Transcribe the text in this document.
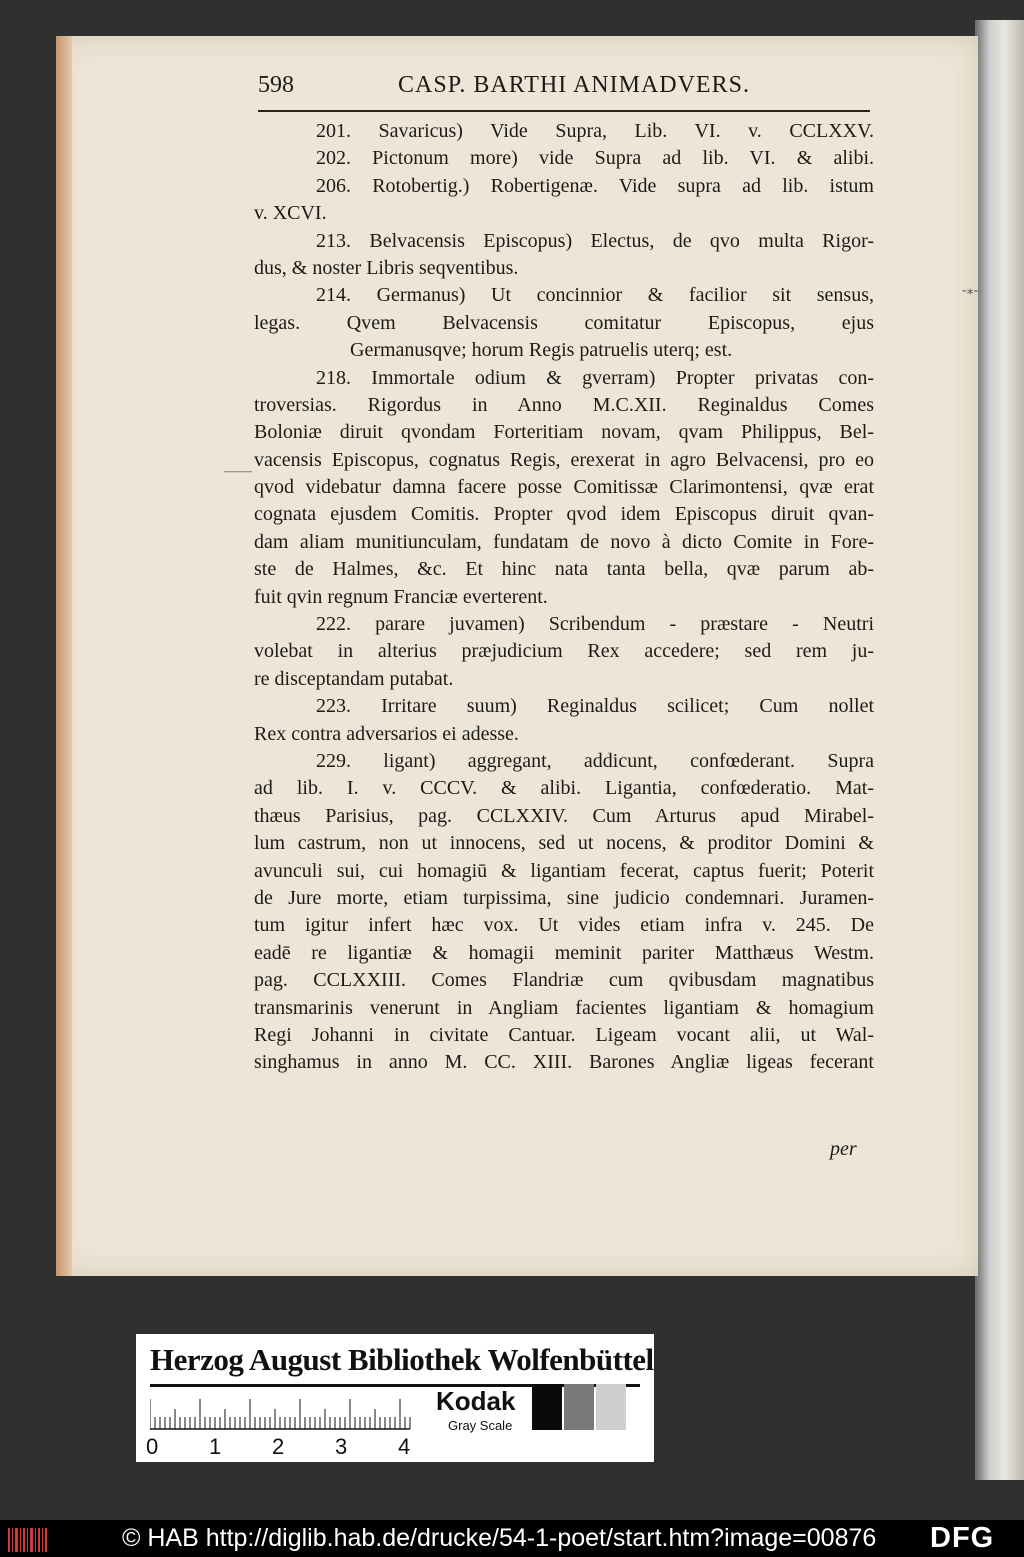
598	CASP. BARTHI ANIMADVERS.
201. Savaricus) Vide Supra, Lib. VI. v. CCLXXV.
202. Pictonum more) vide Supra ad lib. VI. & alibi.
206. Rotobertig.) Robertigenæ. Vide supra ad lib. istum
v. XCVI.
213. Belvacensis Episcopus) Electus, de qvo multa Rigor-
dus, & noster Libris seqventibus.
214. Germanus) Ut concinnior & facilior sit sensus,
legas. Qvem Belvacensis comitatur Episcopus, ejus
Germanusqve; horum Regis patruelis uterq; est.
218. Immortale odium & gverram) Propter privatas con-
troversias. Rigordus in Anno M.C.XII. Reginaldus Comes
Boloniæ diruit qvondam Forteritiam novam, qvam Philippus, Bel-
vacensis Episcopus, cognatus Regis, erexerat in agro Belvacensi, pro eo
qvod videbatur damna facere posse Comitissæ Clarimontensi, qvæ erat
cognata ejusdem Comitis. Propter qvod idem Episcopus diruit qvan-
dam aliam munitiunculam, fundatam de novo à dicto Comite in Fore-
ste de Halmes, &c. Et hinc nata tanta bella, qvæ parum ab-
fuit qvin regnum Franciæ everterent.
222. parare juvamen) Scribendum - præstare - Neutri
volebat in alterius præjudicium Rex accedere; sed rem ju-
re disceptandam putabat.
223. Irritare suum) Reginaldus scilicet; Cum nollet
Rex contra adversarios ei adesse.
229. ligant) aggregant, addicunt, confœderant. Supra
ad lib. I. v. CCCV. & alibi. Ligantia, confœderatio. Mat-
thæus Parisius, pag. CCLXXIV. Cum Arturus apud Mirabel-
lum castrum, non ut innocens, sed ut nocens, & proditor Domini &
avunculi sui, cui homagiū & ligantiam fecerat, captus fuerit; Poterit
de Jure morte, etiam turpissima, sine judicio condemnari. Juramen-
tum igitur infert hæc vox. Ut vides etiam infra v. 245. De
eadē re ligantiæ & homagii meminit pariter Matthæus Westm.
pag. CCLXXIII. Comes Flandriæ cum qvibusdam magnatibus
transmarinis venerunt in Angliam facientes ligantiam & homagium
Regi Johanni in civitate Cantuar. Ligeam vocant alii, ut Wal-
singhamus in anno M. CC. XIII. Barones Angliæ ligeas fecerant
per
-⁎-
——
Herzog August Bibliothek Wolfenbüttel
0 1 2 3 4
Kodak
Gray Scale
© HAB http://diglib.hab.de/drucke/54-1-poet/start.htm?image=00876 DFG
